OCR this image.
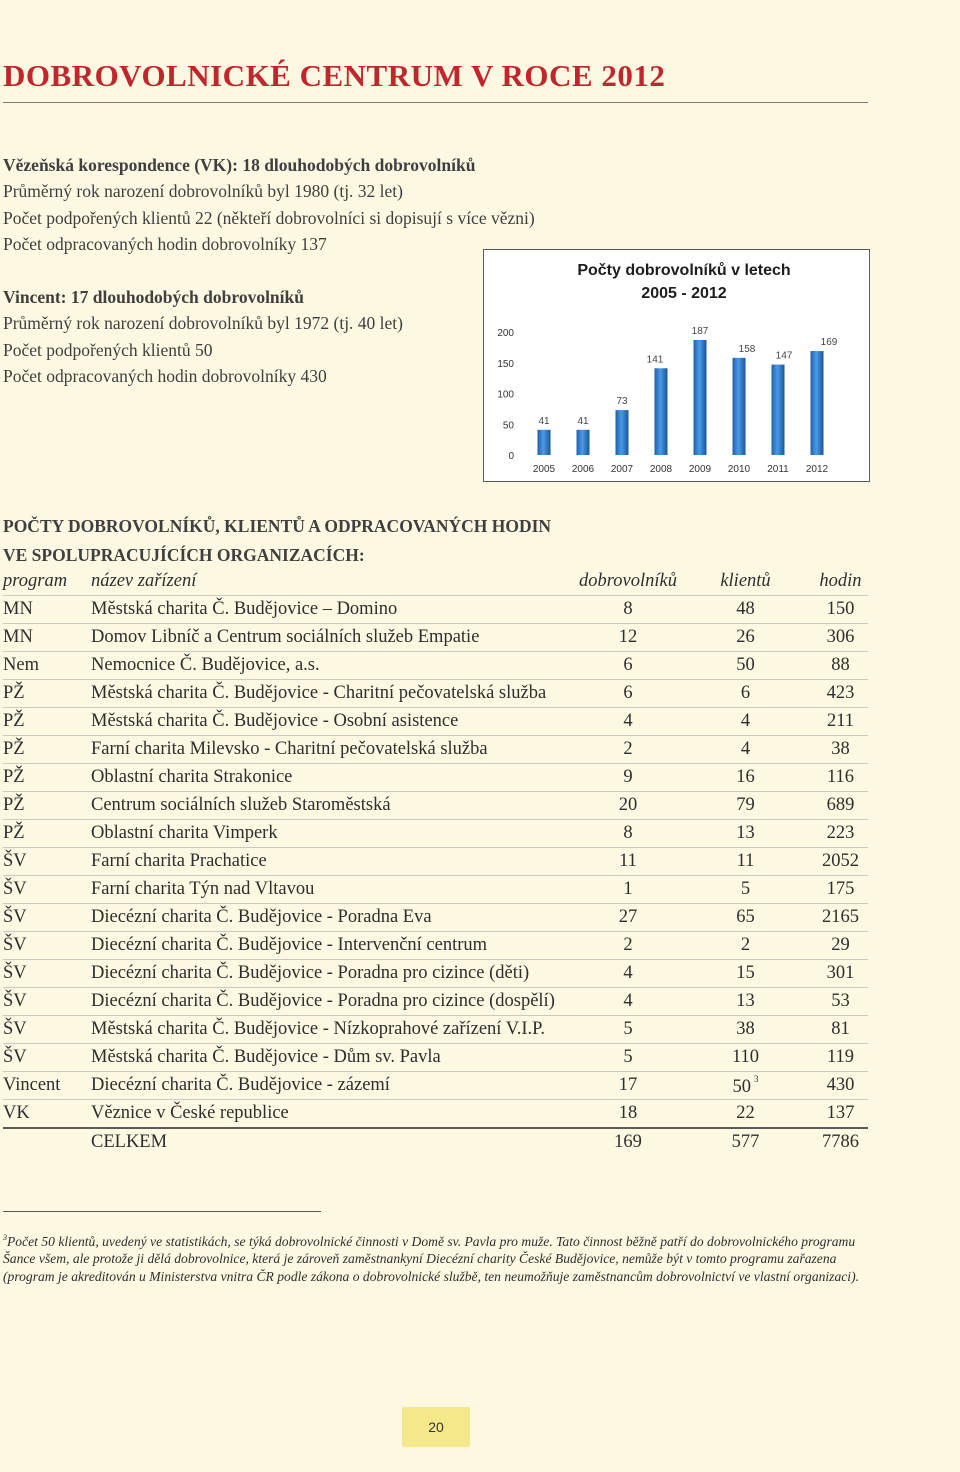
DOBROVOLNICKÉ CENTRUM V ROCE 2012
Vězeňská korespondence (VK): 18 dlouhodobých dobrovolníků
Průměrný rok narození dobrovolníků byl 1980 (tj. 32 let)
Počet podpořených klientů 22 (někteří dobrovolníci si dopisují s více vězni)
Počet odpracovaných hodin dobrovolníky 137
Vincent: 17 dlouhodobých dobrovolníků
Průměrný rok narození dobrovolníků byl 1972 (tj. 40 let)
Počet podpořených klientů 50
Počet odpracovaných hodin dobrovolníky 430
Počty dobrovolníků v letech
2005 - 2012
0
50
100
150
200
41
2005
41
2006
73
2007
141
2008
187
2009
158
2010
147
2011
169
2012
POČTY DOBROVOLNÍKŮ, KLIENTŮ A ODPRACOVANÝCH HODIN
VE SPOLUPRACUJÍCÍCH ORGANIZACÍCH:
program	název zařízení	dobrovolníků	klientů	hodin
MN	Městská charita Č. Budějovice – Domino	8	48	150
MN	Domov Libníč a Centrum sociálních služeb Empatie	12	26	306
Nem	Nemocnice Č. Budějovice, a.s.	6	50	88
PŽ	Městská charita Č. Budějovice - Charitní pečovatelská služba	6	6	423
PŽ	Městská charita Č. Budějovice - Osobní asistence	4	4	211
PŽ	Farní charita Milevsko - Charitní pečovatelská služba	2	4	38
PŽ	Oblastní charita Strakonice	9	16	116
PŽ	Centrum sociálních služeb Staroměstská	20	79	689
PŽ	Oblastní charita Vimperk	8	13	223
ŠV	Farní charita Prachatice	11	11	2052
ŠV	Farní charita Týn nad Vltavou	1	5	175
ŠV	Diecézní charita Č. Budějovice - Poradna Eva	27	65	2165
ŠV	Diecézní charita Č. Budějovice - Intervenční centrum	2	2	29
ŠV	Diecézní charita Č. Budějovice - Poradna pro cizince (děti)	4	15	301
ŠV	Diecézní charita Č. Budějovice - Poradna pro cizince (dospělí)	4	13	53
ŠV	Městská charita Č. Budějovice - Nízkoprahové zařízení V.I.P.	5	38	81
ŠV	Městská charita Č. Budějovice - Dům sv. Pavla	5	110	119
Vincent	Diecézní charita Č. Budějovice - zázemí	17	50 $^3$	430
VK	Věznice v České republice	18	22	137
	CELKEM	169	577	7786
$^3$Počet 50 klientů, uvedený ve statistikách, se týká dobrovolnické činnosti v Domě sv. Pavla pro muže. Tato činnost běžně patří do dobrovolnického programu Šance všem, ale protože ji dělá dobrovolnice, která je zároveň zaměstnankyní Diecézní charity České Budějovice, nemůže být v tomto programu zařazena (program je akreditován u Ministerstva vnitra ČR podle zákona o dobrovolnické službě, ten neumožňuje zaměstnancům dobrovolnictví ve vlastní organizaci).
20
